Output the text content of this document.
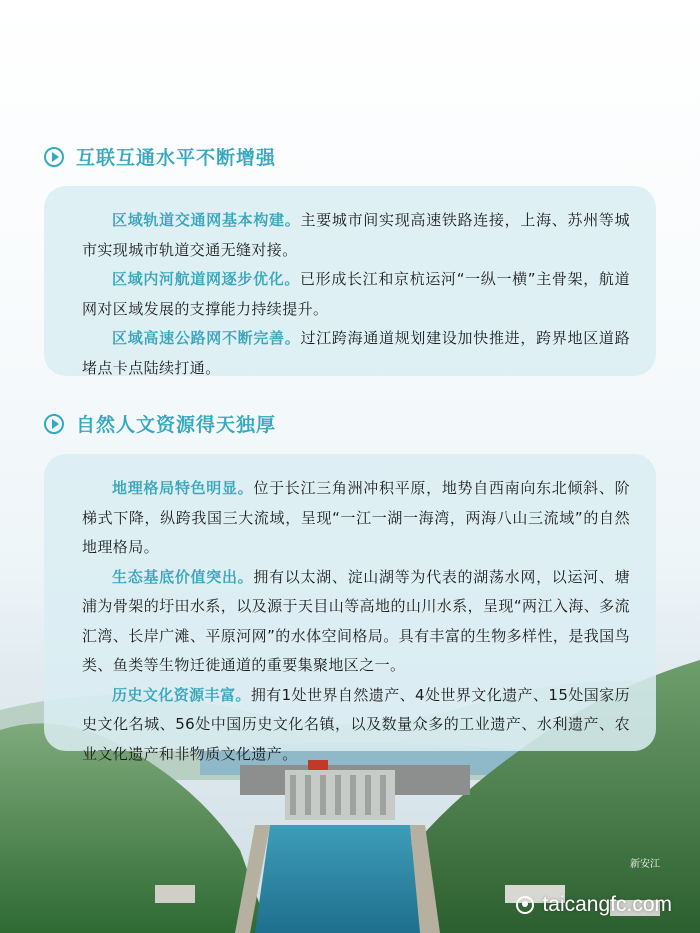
互联互通水平不断增强

区域轨道交通网基本构建。主要城市间实现高速铁路连接，上海、苏州等城市实现城市轨道交通无缝对接。

区域内河航道网逐步优化。已形成长江和京杭运河“一纵一横”主骨架，航道网对区域发展的支撑能力持续提升。

区域高速公路网不断完善。过江跨海通道规划建设加快推进，跨界地区道路堵点卡点陆续打通。

自然人文资源得天独厚

地理格局特色明显。位于长江三角洲冲积平原，地势自西南向东北倾斜、阶梯式下降，纵跨我国三大流域，呈现“一江一湖一海湾，两海八山三流域”的自然地理格局。

生态基底价值突出。拥有以太湖、淀山湖等为代表的湖荡水网，以运河、塘浦为骨架的圩田水系，以及源于天目山等高地的山川水系，呈现“两江入海、多流汇湾、长岸广滩、平原河网”的水体空间格局。具有丰富的生物多样性，是我国鸟类、鱼类等生物迁徙通道的重要集聚地区之一。

历史文化资源丰富。拥有1处世界自然遗产、4处世界文化遗产、15处国家历史文化名城、56处中国历史文化名镇，以及数量众多的工业遗产、水利遗产、农业文化遗产和非物质文化遗产。

新安江
taicangfc.com
